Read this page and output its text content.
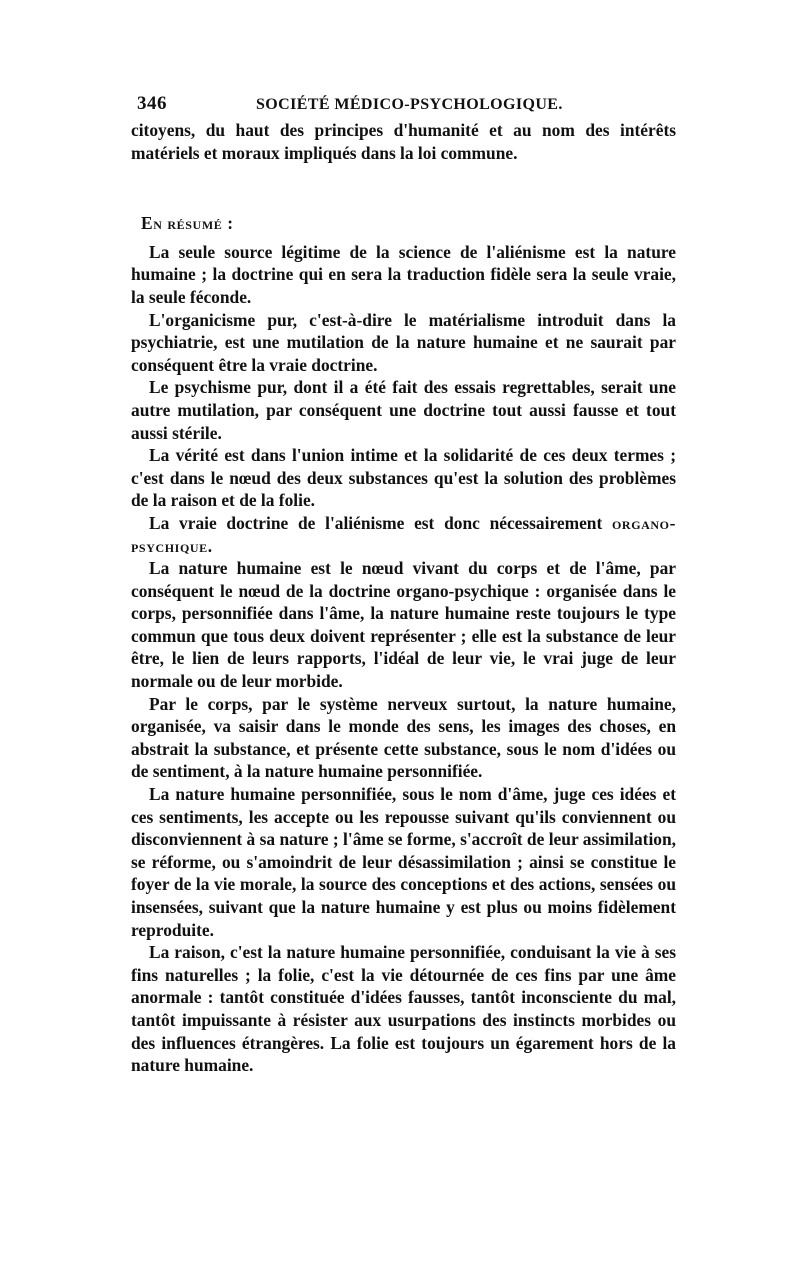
346	SOCIÉTÉ MÉDICO-PSYCHOLOGIQUE.

citoyens, du haut des principes d'humanité et au nom des intérêts matériels et moraux impliqués dans la loi commune.

En résumé :

La seule source légitime de la science de l'aliénisme est la nature humaine ; la doctrine qui en sera la traduction fidèle sera la seule vraie, la seule féconde.

L'organicisme pur, c'est-à-dire le matérialisme introduit dans la psychiatrie, est une mutilation de la nature humaine et ne saurait par conséquent être la vraie doctrine.

Le psychisme pur, dont il a été fait des essais regrettables, serait une autre mutilation, par conséquent une doctrine tout aussi fausse et tout aussi stérile.

La vérité est dans l'union intime et la solidarité de ces deux termes ; c'est dans le nœud des deux substances qu'est la solution des problèmes de la raison et de la folie.

La vraie doctrine de l'aliénisme est donc nécessairement organo-psychique.

La nature humaine est le nœud vivant du corps et de l'âme, par conséquent le nœud de la doctrine organo-psychique : organisée dans le corps, personnifiée dans l'âme, la nature humaine reste toujours le type commun que tous deux doivent représenter ; elle est la substance de leur être, le lien de leurs rapports, l'idéal de leur vie, le vrai juge de leur normale ou de leur morbide.

Par le corps, par le système nerveux surtout, la nature humaine, organisée, va saisir dans le monde des sens, les images des choses, en abstrait la substance, et présente cette substance, sous le nom d'idées ou de sentiment, à la nature humaine personnifiée.

La nature humaine personnifiée, sous le nom d'âme, juge ces idées et ces sentiments, les accepte ou les repousse suivant qu'ils conviennent ou disconviennent à sa nature ; l'âme se forme, s'accroît de leur assimilation, se réforme, ou s'amoindrit de leur désassimilation ; ainsi se constitue le foyer de la vie morale, la source des conceptions et des actions, sensées ou insensées, suivant que la nature humaine y est plus ou moins fidèlement reproduite.

La raison, c'est la nature humaine personnifiée, conduisant la vie à ses fins naturelles ; la folie, c'est la vie détournée de ces fins par une âme anormale : tantôt constituée d'idées fausses, tantôt inconsciente du mal, tantôt impuissante à résister aux usurpations des instincts morbides ou des influences étrangères. La folie est toujours un égarement hors de la nature humaine.
